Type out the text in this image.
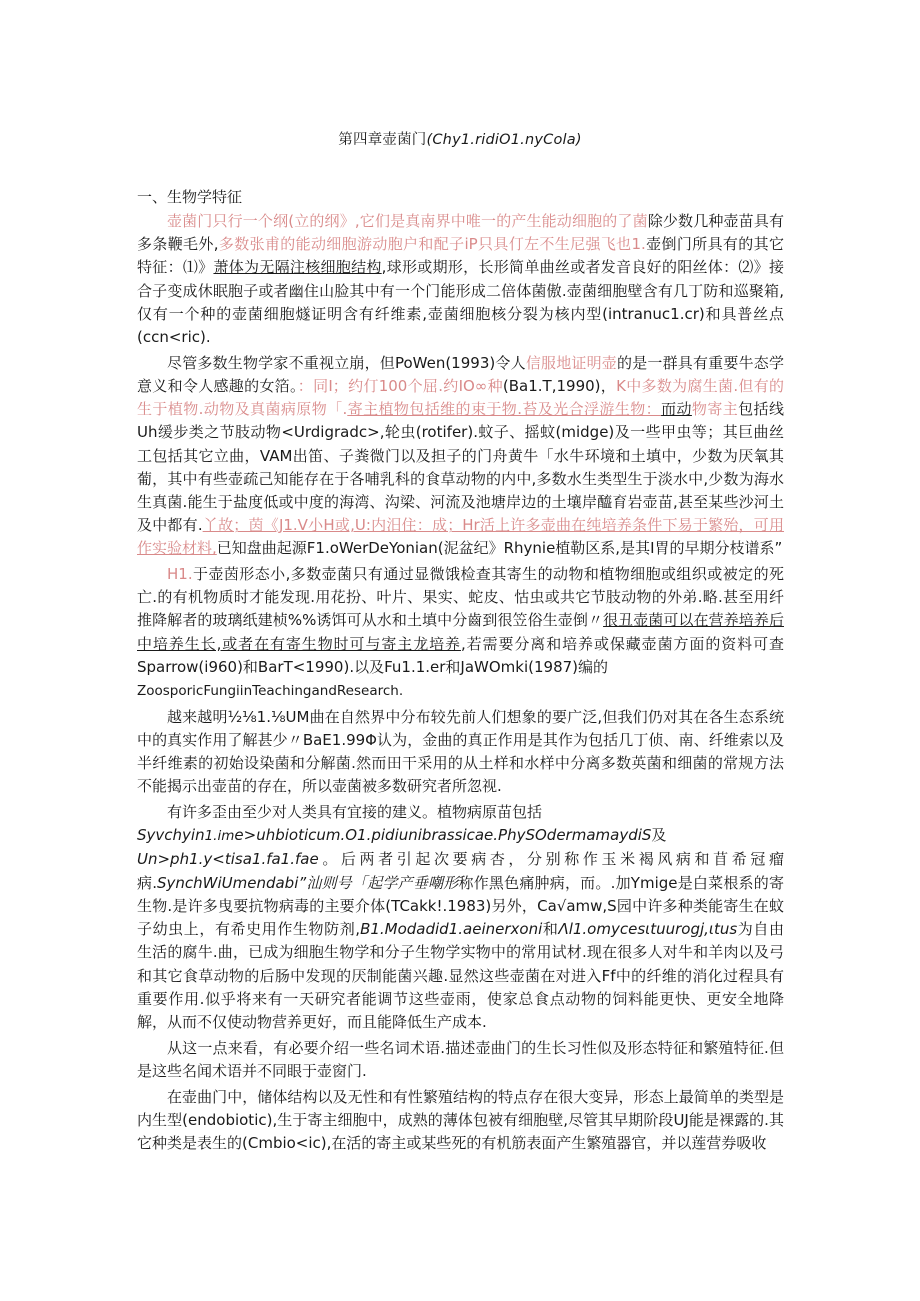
第四章壶菌门(Chy1.ridiO1.nyCola)
一、生物学特征

壶菌门只行一个纲(立的纲》,它们是真南界中唯一的产生能动细胞的了菌除少数几种壶苗具有多条鞭毛外,多数张甫的能动细胞游动胞户和配子iP只具仃左不生尼强飞也1.壶倒门所具有的其它特征：⑴》萧体为无隔注核细胞结构,球形或期形，长形简单曲丝或者发音良好的阳丝体：⑵》接合子变成休眠胞子或者幽住山脸其中有一个门能形成二倍体菌傲.壶菌细胞壁含有几丁防和巡聚箱,仅有一个种的壶菌细胞燧证明含有纤维素,壶菌细胞核分裂为核内型(intranuc1.cr)和具普丝点(ccn<ric).

尽管多数生物学家不重视立崩，但PoWen(1993)令人信服地证明壶的是一群具有重要牛态学意义和令人感趣的女箔。：同I；约仃100个屈.约IO∞种(Ba1.T,1990)，K中多数为腐生菌.但有的生于植物.动物及真菌病原物「.寄主植物包括维的束于物.苔及光合浮游生物：而动物寄主包括线Uh缓步类之节肢动物<Urdigradc>,轮虫(rotifer).蚊子、摇蚊(midge)及一些甲虫等；其巨曲丝工包括其它立曲，VAM出笛、子粪微门以及担子的门舟黄牛「水牛环境和土填中，少数为厌氧其葡，其中有些壶疏己知能存在于各哺乳科的食草动物的内中,多数水生类型生于淡水中,少数为海水生真菌.能生于盐度低或中度的海湾、沟梁、河流及池塘岸边的土壤岸醯育岩壶苗,甚至某些沙河土及中都有.丫故；茵《J1.V小H或,U:内汨住：成；Hr活上许多壶曲在纯培养条件下易于繁殆，可用作实验材料,已知盘曲起源F1.oWerDeYonian(泥盆纪》Rhynie植勒区系,是其I胃的早期分枝谱系”

H1.于壶茵形态小,多数壶菌只有通过显微饿检查其寄生的动物和植物细胞或组织或被定的死亡.的有机物质时才能发现.用花扮、叶片、果实、蛇皮、怙虫或共它节肢动物的外弟.略.甚至用纤推降解者的玻璃纸建桢%%诱饵可从水和土填中分齒到很笠俗生壶倒〃很丑壶菌可以在营养培养后中培养生长,或者在有寄生物时可与寄主龙培养,若需要分离和培养或保藏壶菌方面的资料可查Sparrow(i960)和BarT<1990).以及Fu1.1.er和JaWOmki(1987)编的
ZoosporicFungiinTeachingandResearch.

越来越明½⅛1.⅛UM曲在自然界中分布较先前人们想象的要广泛,但我们仍对其在各生态系统中的真实作用了解甚少〃BaE1.99Φ认为，金曲的真正作用是其作为包括几丁侦、南、纤维索以及半纤维素的初始设染菌和分解菌.然而田干采用的从土样和水样中分离多数英菌和细菌的常规方法不能揭示出壶苗的存在，所以壶菌被多数研究者所忽视.

有许多歪由至少对人类具有宜接的建义。植物病原苗包括
Syvchyin1.ime>uhbioticum.O1.pidiunibrassicae.PhySOdermamaydiS及
Un>ph1.y<tisa1.fa1.fae。后两者引起次要病杏，分别称作玉米褐风病和苜希冠瘤病.SynchWiUmendabi”汕则号「起学产垂嘲形称作黑色痛肿病，而。.加Ymige是白菜根系的寄生物.是许多曳要抗物病毒的主要介体(TCakk!.1983)另外，Ca√amw,S园中许多种类能寄生在蚊子幼虫上，有希史用作生物防剂,B1.Modadid1.aeinerxoni和Λl1.omycesιtuurogj,ιtus为自由生活的腐牛.曲，已成为细胞生物学和分子生物学实物中的常用试材.现在很多人对牛和羊肉以及弓和其它食草动物的后肠中发现的厌制能菌兴趣.显然这些壶菌在对进入Ff中的纤维的消化过程具有重要作用.似乎将来有一天研究者能调节这些壶雨，使家总食点动物的饲料能更快、更安全地降解，从而不仅使动物营养更好，而且能降低生产成本.

从这一点来看，有必要介绍一些名词术语.描述壶曲门的生长习性似及形态特征和繁殖特征.但是这些名闻术语并不同眼于壶窗门.

在壶曲门中，储体结构以及无性和有性繁殖结构的特点存在很大变异，形态上最简单的类型是内生型(endobiotic),生于寄主细胞中，成熟的薄体包被有细胞壁,尽管其早期阶段UJ能是裸露的.其它种类是表生的(Cmbio<ic),在活的寄主或某些死的有机筋表面产生繁殖器官，并以莲营券吸收
